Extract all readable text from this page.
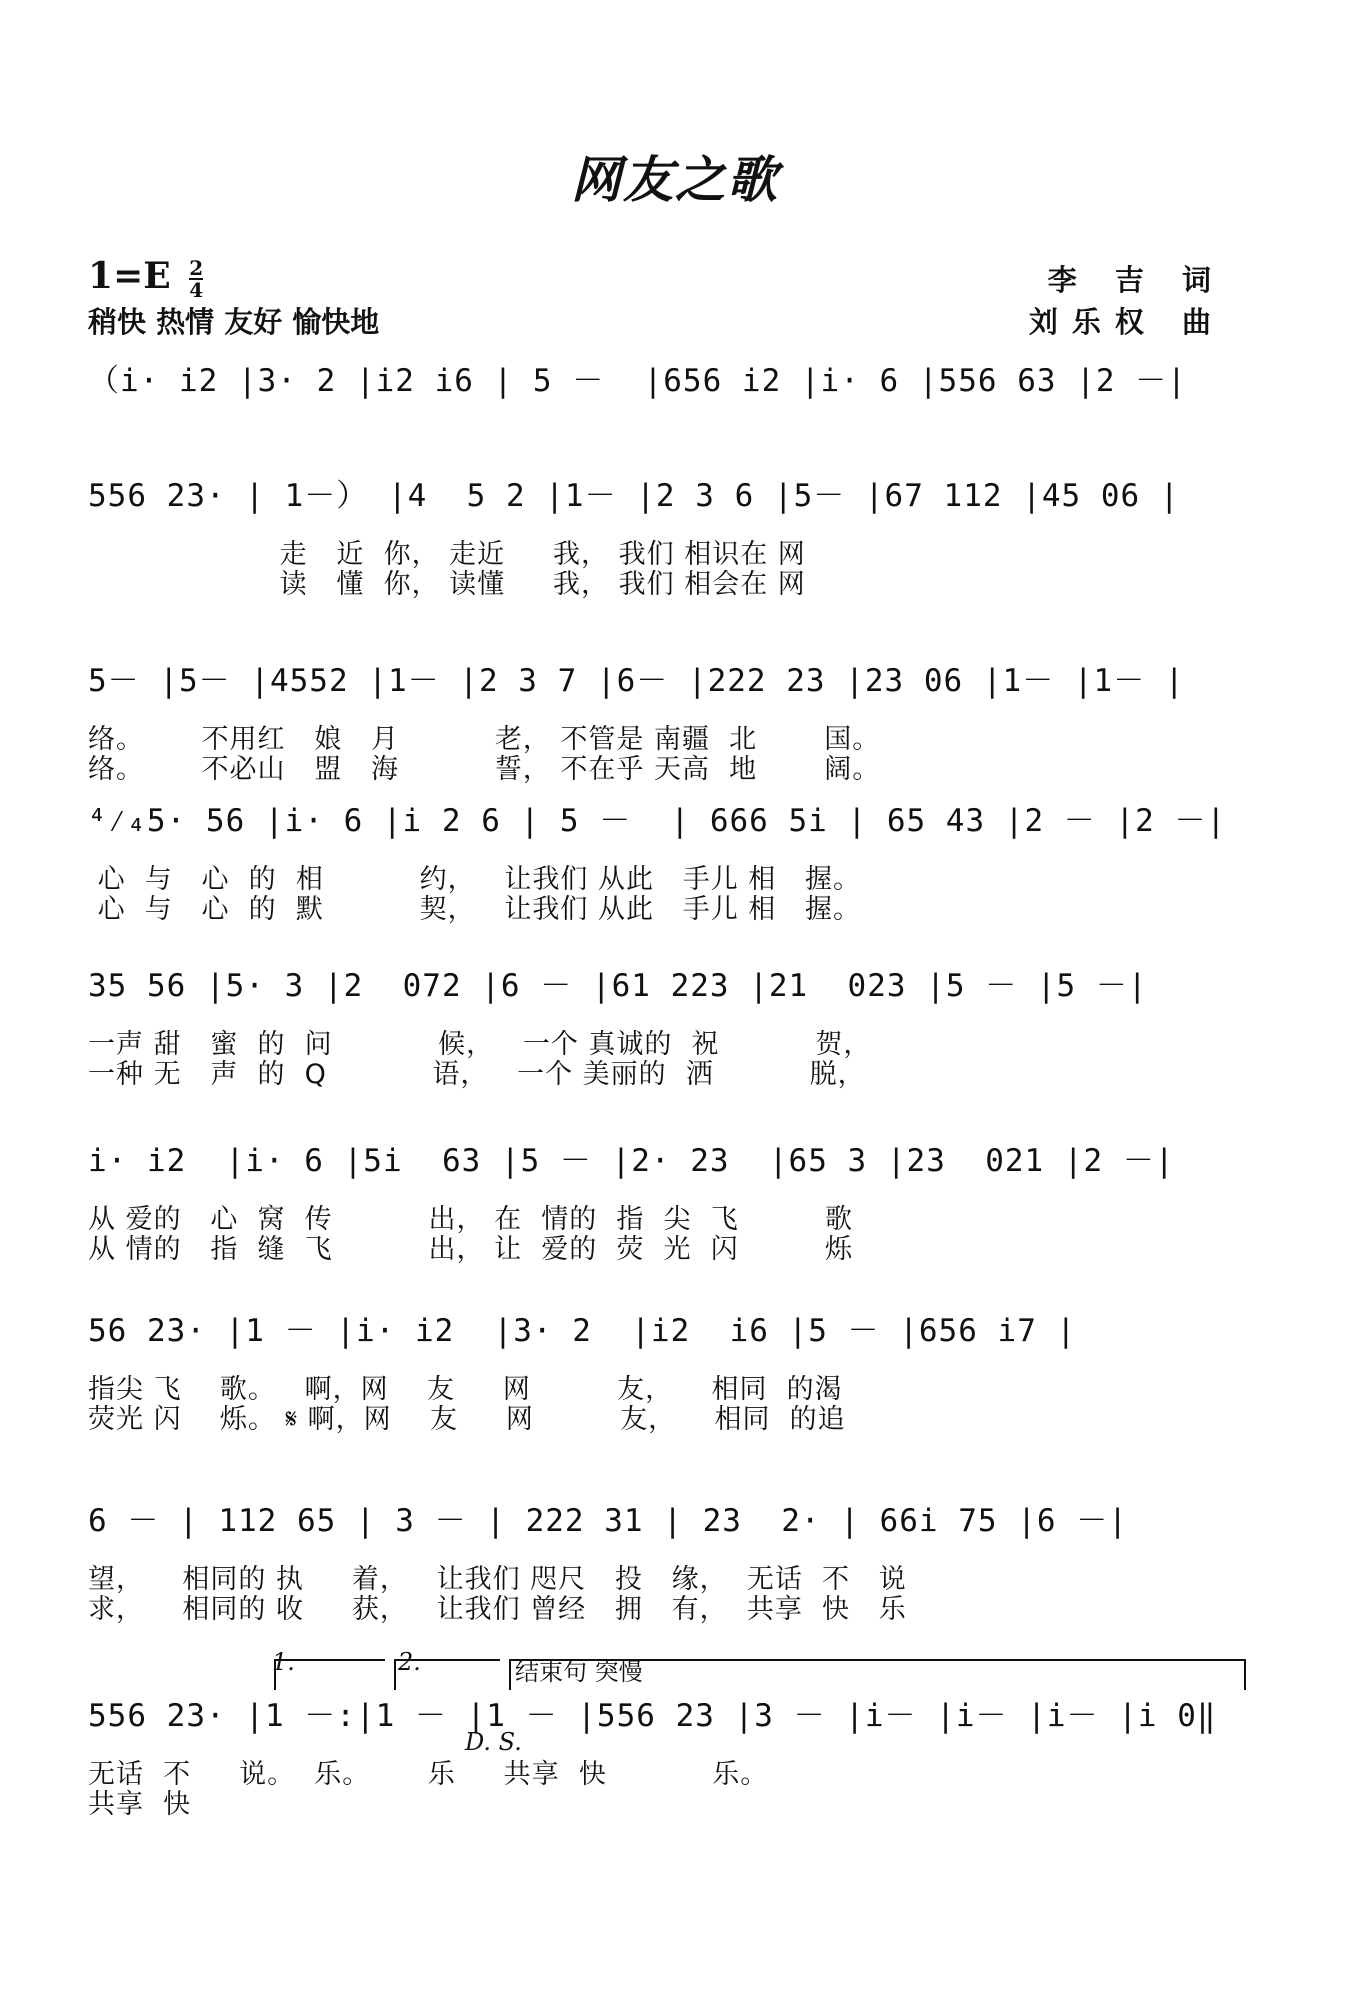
网友之歌
$1=E \frac{2}{4}$
稍快 热情 友好 愉快地
李 吉 词
刘乐权 曲
（i· i2 |3· 2 |i2 i6 | 5 －  |656 i2 |i· 6 |556 63 |2 －|
556 23· | 1－） |4  5 2 |1－ |2 3 6 |5－ |67 112 |45 06 |
走   近  你， 走近     我， 我们 相识在 网
读   懂  你， 读懂     我， 我们 相会在 网
5－ |5－ |4552 |1－ |2 3 7 |6－ |222 23 |23 06 |1－ |1－ |
络。      不用红   娘   月          老， 不管是 南疆  北       国。
络。      不必山   盟   海          誓， 不在乎 天高  地       阔。
⁴⁄₄5· 56 |i· 6 |i 2 6 | 5 －  | 666 5i | 65 43 |2 － |2 －|
心  与   心  的  相          约，   让我们 从此   手儿 相   握。
心  与   心  的  默          契，   让我们 从此   手儿 相   握。
35 56 |5· 3 |2  072 |6 － |61 223 |21  023 |5 － |5 －|
一声 甜   蜜  的  问           候，   一个 真诚的  祝          贺，
一种 无   声  的  Q           语，   一个 美丽的  洒          脱，
i· i2  |i· 6 |5i  63 |5 － |2· 23  |65 3 |23  021 |2 －|
从 爱的   心  窝  传          出， 在  情的  指  尖  飞         歌
从 情的   指  缝  飞          出， 让  爱的  荧  光  闪         烁
56 23· |1 － |i· i2  |3· 2  |i2  i6 |5 － |656 i7 |
指尖 飞    歌。   啊，网    友     网         友，    相同  的渴
荧光 闪    烁。 𝄋 啊，网    友     网         友，    相同  的追
6 － | 112 65 | 3 － | 222 31 | 23  2· | 66i 75 |6 －|
望，    相同的 执     着，   让我们 咫尺   投   缘，  无话  不   说
求，    相同的 收     获，   让我们 曾经   拥   有，  共享  快   乐
556 23· |1 －:|1 － |1 － |556 23 |3 － |i－ |i－ |i－ |i 0‖
无话  不     说。  乐。      乐     共享  快           乐。
共享  快
1.	2.	结束句 突慢
D. S.
